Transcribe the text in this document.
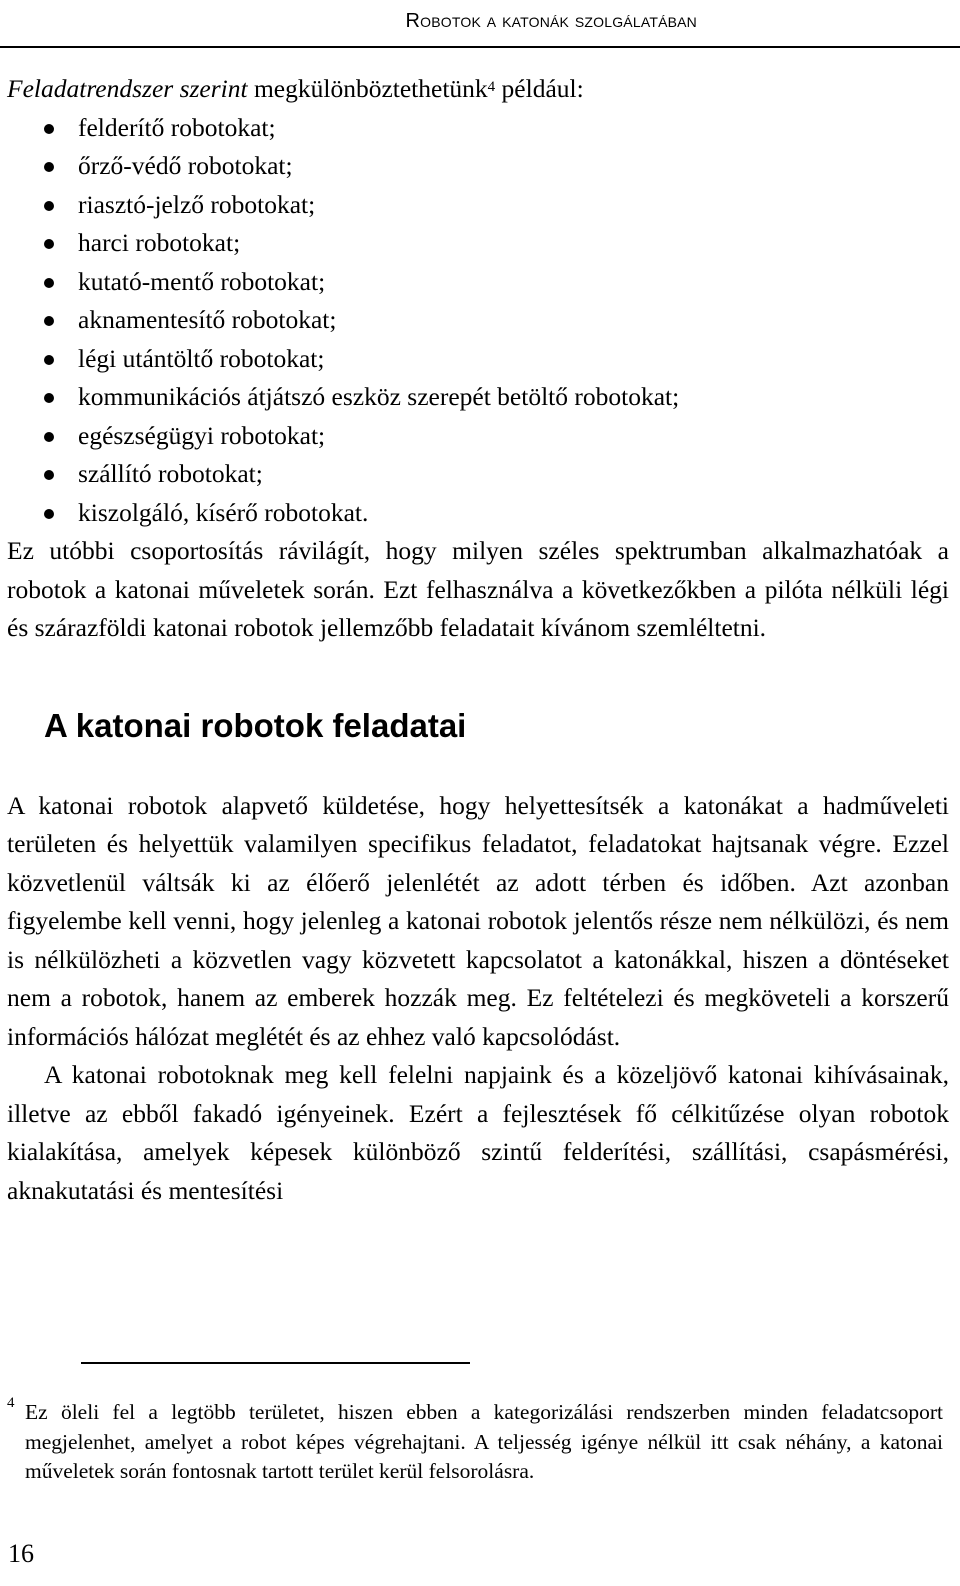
Robotok a katonák szolgálatában

Feladatrendszer szerint megkülönböztethetünk$^4$ például:

felderítő robotokat;
őrző-védő robotokat;
riasztó-jelző robotokat;
harci robotokat;
kutató-mentő robotokat;
aknamentesítő robotokat;
légi utántöltő robotokat;
kommunikációs átjátszó eszköz szerepét betöltő robotokat;
egészségügyi robotokat;
szállító robotokat;
kiszolgáló, kísérő robotokat.

Ez utóbbi csoportosítás rávilágít, hogy milyen széles spektrumban alkalmazhatóak a robotok a katonai műveletek során. Ezt felhasználva a következőkben a pilóta nélküli légi és szárazföldi katonai robotok jellemzőbb feladatait kívánom szemléltetni.

A katonai robotok feladatai

A katonai robotok alapvető küldetése, hogy helyettesítsék a katonákat a hadműveleti területen és helyettük valamilyen specifikus feladatot, feladatokat hajtsanak végre. Ezzel közvetlenül váltsák ki az élőerő jelenlétét az adott térben és időben. Azt azonban figyelembe kell venni, hogy jelenleg a katonai robotok jelentős része nem nélkülözi, és nem is nélkülözheti a közvetlen vagy közvetett kapcsolatot a katonákkal, hiszen a döntéseket nem a robotok, hanem az emberek hozzák meg. Ez feltételezi és megköveteli a korszerű információs hálózat meglétét és az ehhez való kapcsolódást.

A katonai robotoknak meg kell felelni napjaink és a közeljövő katonai kihívásainak, illetve az ebből fakadó igényeinek. Ezért a fejlesztések fő célkitűzése olyan robotok kialakítása, amelyek képesek különböző szintű felderítési, szállítási, csapásmérési, aknakutatási és mentesítési

4 Ez öleli fel a legtöbb területet, hiszen ebben a kategorizálási rendszerben minden feladatcsoport megjelenhet, amelyet a robot képes végrehajtani. A teljesség igénye nélkül itt csak néhány, a katonai műveletek során fontosnak tartott terület kerül felsorolásra.

16
